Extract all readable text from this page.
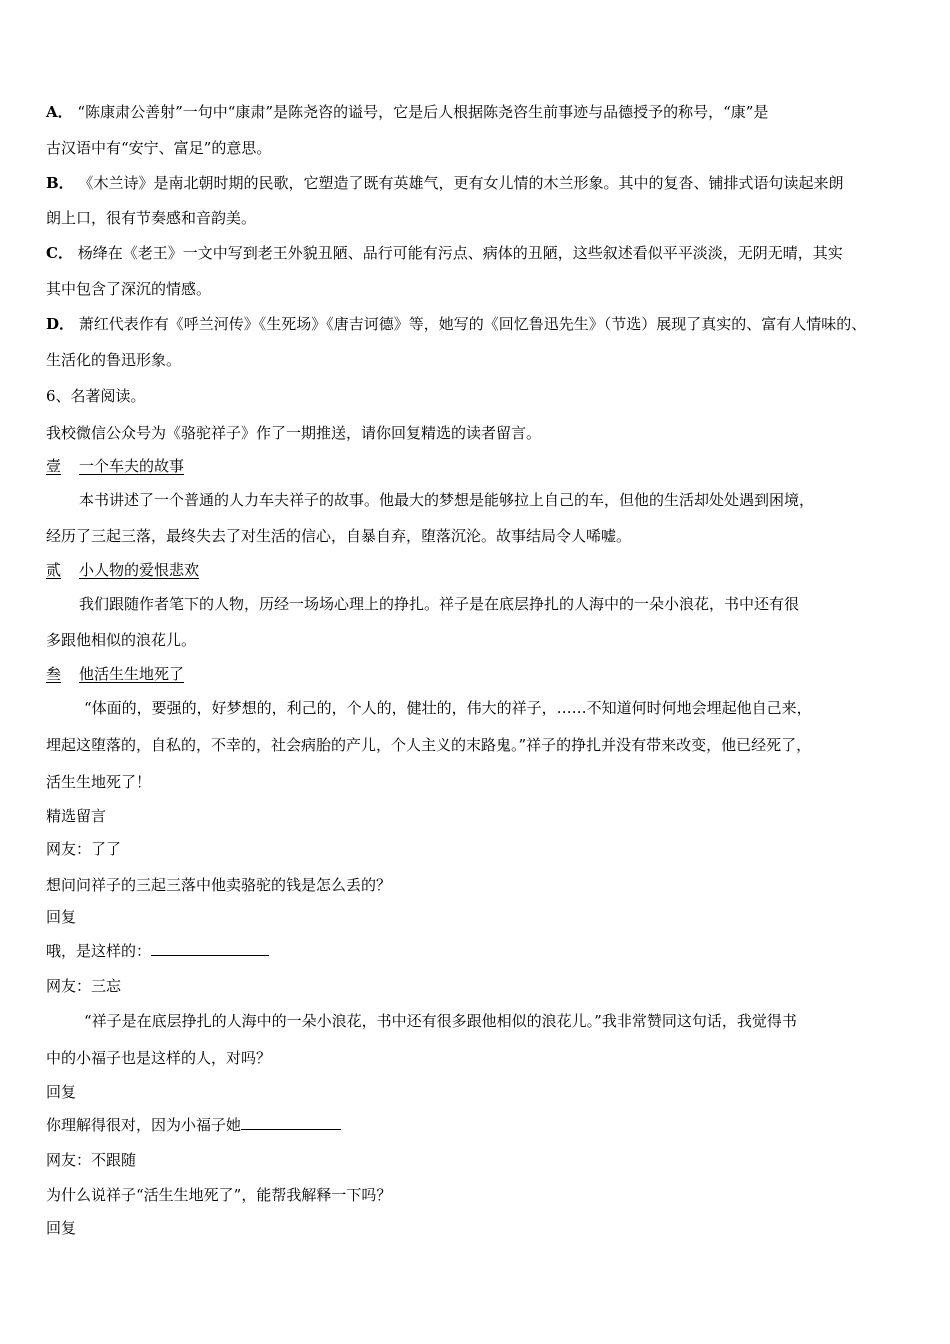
A． “陈康肃公善射”一句中“康肃”是陈尧咨的谥号，它是后人根据陈尧咨生前事迹与品德授予的称号，“康”是
古汉语中有“安宁、富足”的意思。
B． 《木兰诗》是南北朝时期的民歌，它塑造了既有英雄气，更有女儿情的木兰形象。其中的复沓、铺排式语句读起来朗
朗上口，很有节奏感和音韵美。
C． 杨绛在《老王》一文中写到老王外貌丑陋、品行可能有污点、病体的丑陋，这些叙述看似平平淡淡，无阴无晴，其实
其中包含了深沉的情感。
D． 萧红代表作有《呼兰河传》《生死场》《唐吉诃德》等，她写的《回忆鲁迅先生》（节选）展现了真实的、富有人情味的、
生活化的鲁迅形象。
6、名著阅读。
我校微信公众号为《骆驼祥子》作了一期推送，请你回复精选的读者留言。
壹 一个车夫的故事
本书讲述了一个普通的人力车夫祥子的故事。他最大的梦想是能够拉上自己的车，但他的生活却处处遇到困境，
经历了三起三落，最终失去了对生活的信心，自暴自弃，堕落沉沦。故事结局令人唏嘘。
贰 小人物的爱恨悲欢
我们跟随作者笔下的人物，历经一场场心理上的挣扎。祥子是在底层挣扎的人海中的一朵小浪花，书中还有很
多跟他相似的浪花儿。
叁 他活生生地死了
“体面的，要强的，好梦想的，利己的，个人的，健壮的，伟大的祥子，……不知道何时何地会埋起他自己来，
埋起这堕落的，自私的，不幸的，社会病胎的产儿，个人主义的末路鬼。”祥子的挣扎并没有带来改变，他已经死了，
活生生地死了！
精选留言
网友：了了
想问问祥子的三起三落中他卖骆驼的钱是怎么丢的？
回复
哦，是这样的：
网友：三忘
“祥子是在底层挣扎的人海中的一朵小浪花，书中还有很多跟他相似的浪花儿。”我非常赞同这句话，我觉得书
中的小福子也是这样的人，对吗？
回复
你理解得很对，因为小福子她
网友：不跟随
为什么说祥子“活生生地死了”，能帮我解释一下吗？
回复
